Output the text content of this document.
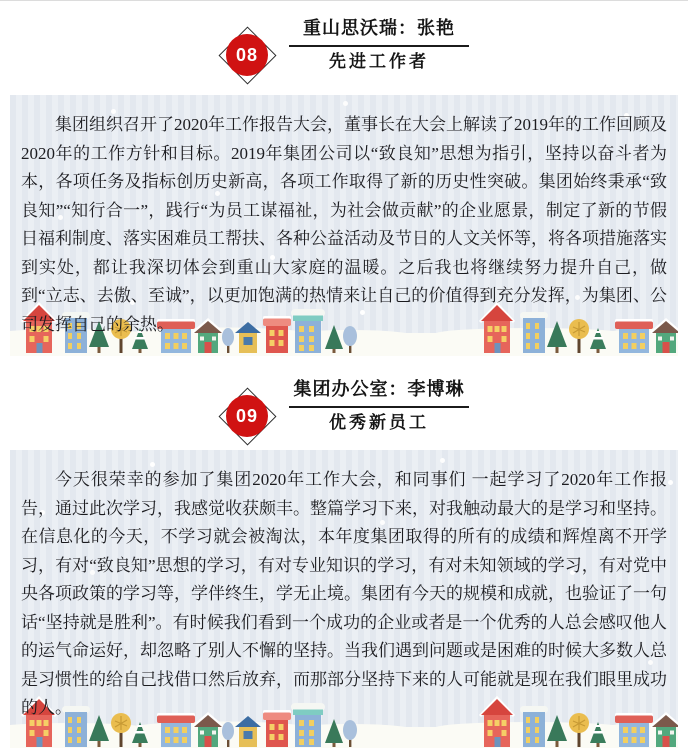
08
重山思沃瑞：张艳
先进工作者

集团组织召开了2020年工作报告大会，董事长在大会上解读了2019年的工作回顾及2020年的工作方针和目标。2019年集团公司以“致良知”思想为指引，坚持以奋斗者为本，各项任务及指标创历史新高，各项工作取得了新的历史性突破。集团始终秉承“致良知”“知行合一”，践行“为员工谋福祉，为社会做贡献”的企业愿景，制定了新的节假日福利制度、落实困难员工帮扶、各种公益活动及节日的人文关怀等，将各项措施落实到实处，都让我深切体会到重山大家庭的温暖。之后我也将继续努力提升自己，做到“立志、去傲、至诚”，以更加饱满的热情来让自己的价值得到充分发挥，为集团、公司发挥自己的余热。

09
集团办公室：李博琳
优秀新员工

今天很荣幸的参加了集团2020年工作大会，和同事们 一起学习了2020年工作报告，通过此次学习，我感觉收获颇丰。整篇学习下来，对我触动最大的是学习和坚持。在信息化的今天，不学习就会被淘汰，本年度集团取得的所有的成绩和辉煌离不开学习，有对“致良知”思想的学习，有对专业知识的学习，有对未知领域的学习，有对党中央各项政策的学习等，学伴终生，学无止境。集团有今天的规模和成就，也验证了一句话“坚持就是胜利”。有时候我们看到一个成功的企业或者是一个优秀的人总会感叹他人的运气命运好，却忽略了别人不懈的坚持。当我们遇到问题或是困难的时候大多数人总是习惯性的给自己找借口然后放弃，而那部分坚持下来的人可能就是现在我们眼里成功的人。
